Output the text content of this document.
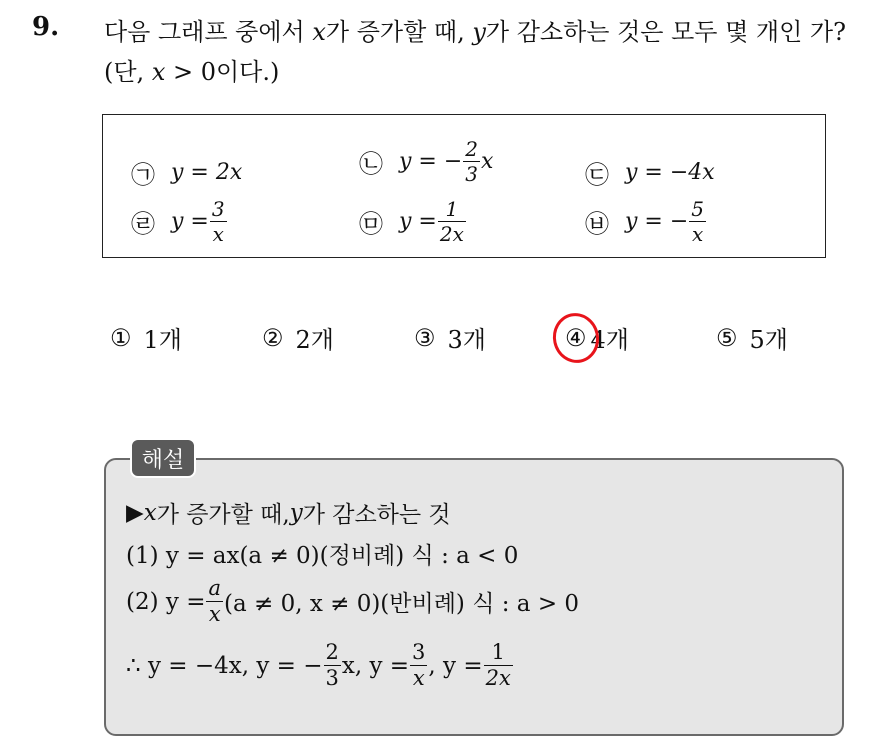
9. 다음 그래프 중에서 x가 증가할 때, y가 감소하는 것은 모두 몇 개인 가?(단, x > 0이다.)
㉠ y = 2x	㉡ y = − $\frac{2}{3}$ x	㉢ y = −4x
㉣ $y = \frac{3}{x}$	㉤ $y = \frac{1}{2x}$	㉥ y = − $\frac{5}{x}$
① 1개	② 2개	③ 3개	④ 4개	⑤ 5개
해설
▶ x 가 증가할 때, y 가 감소하는 것
(1) y = ax(a ≠ 0)(정비례) 식 : a < 0
(2) $y = \frac{a}{x} (a \ne 0$, x ≠ 0)(반비례) 식 : a > 0
∴ y = −4x, y = − $\frac{2}{3} x$, $y = \frac{3}{x}$ , $y = \frac{1}{2x}$
